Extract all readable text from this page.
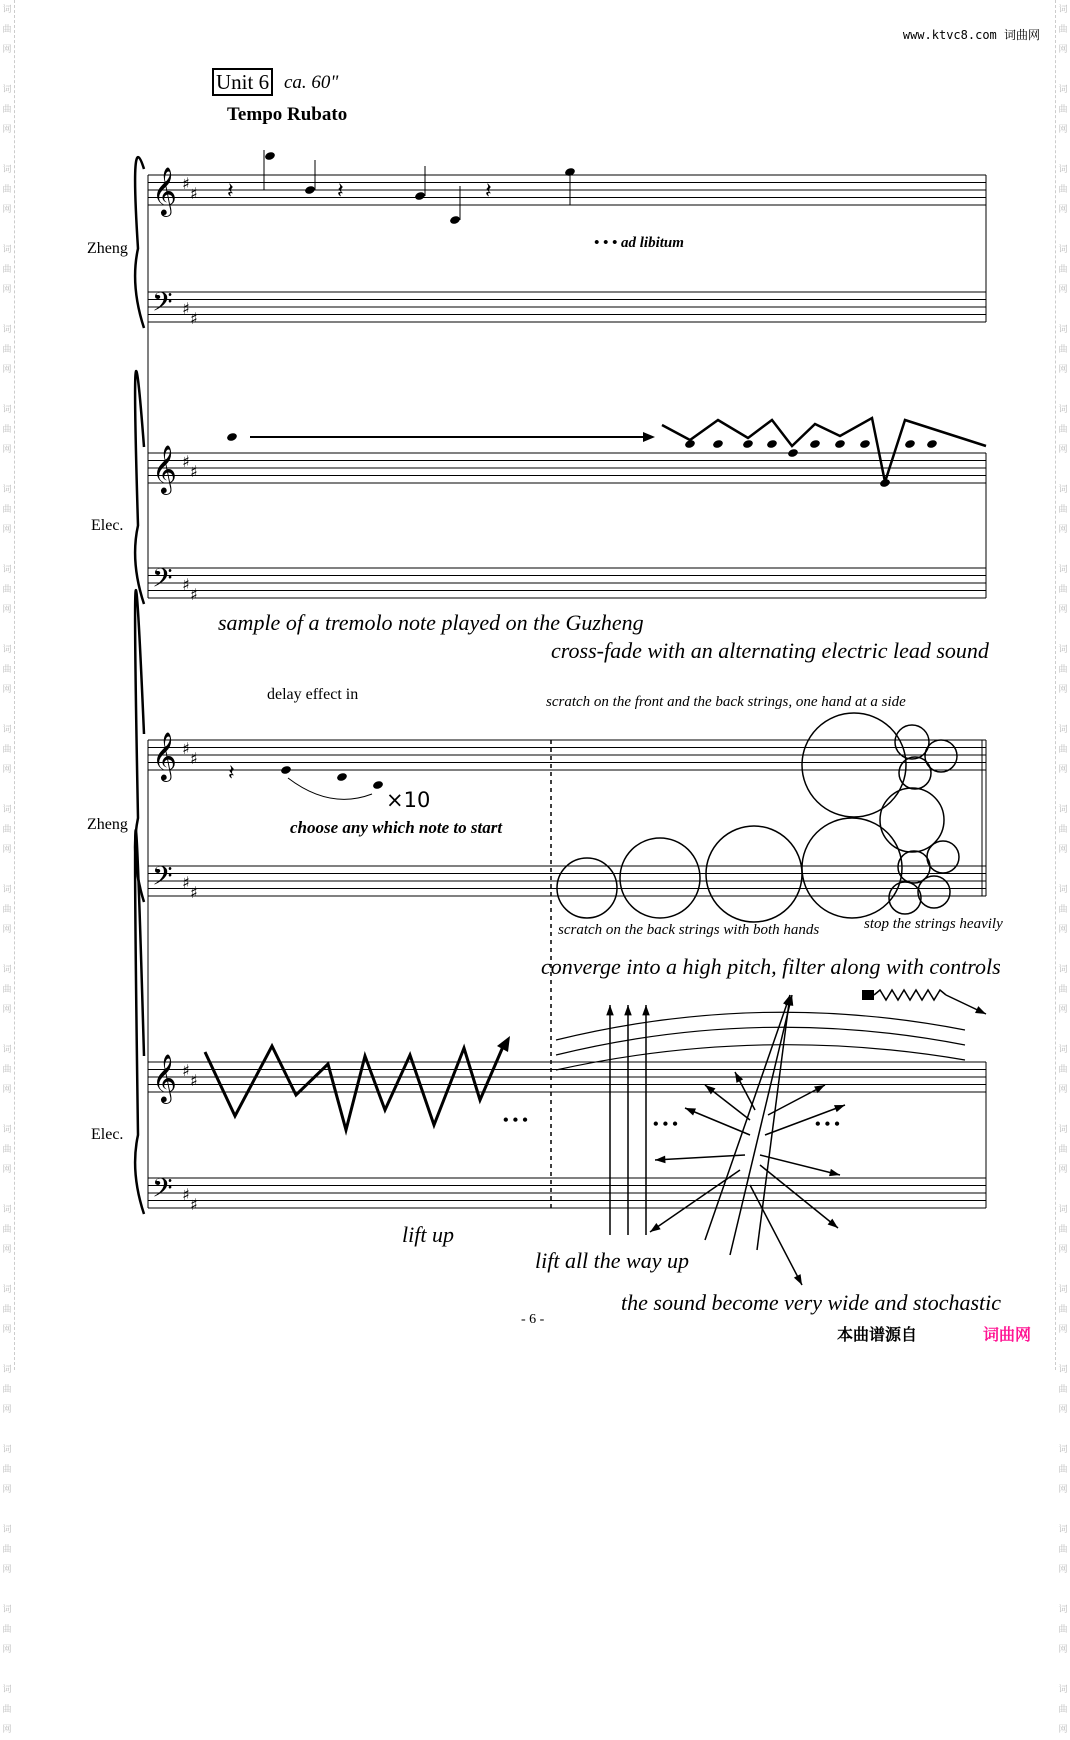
词
曲
网

词
曲
网

词
曲
网

词
曲
网

词
曲
网

词
曲
网

词
曲
网

词
曲
网

词
曲
网

词
曲
网

词
曲
网

词
曲
网

词
曲
网

词
曲
网

词
曲
网

词
曲
网

词
曲
网

词
曲
网

词
曲
网

词
曲
网

词
曲
网

词
曲
网

词
曲
网

词
曲
网

词
曲
网

词
曲
网

词
曲
网

词
曲
网

词
曲
网

词
曲
网

词
曲
网

词
曲
网

词
曲
网

词
曲
网

词
曲
网

词
曲
网

词
曲
网

词
曲
网

词
曲
网

词
曲
网

词
曲
网

词
曲
网

词
曲
网

词
曲
网

𝄞 ♯
♯
𝄢 ♯
♯
𝄞 ♯
♯
𝄢 ♯
♯
𝄽	𝄽	𝄽
𝄞 ♯
♯
𝄢 ♯
♯
𝄞 ♯
♯
𝄢 ♯
♯
𝄽
www.ktvc8.com 词曲网
Unit 6 ca. 60"
Tempo Rubato
Zheng
Elec.
Zheng
Elec.
• • • ad libitum
sample of a tremolo note played on the Guzheng
cross-fade with an alternating electric lead sound
delay effect in
×10
choose any which note to start
scratch on the front and the back strings, one hand at a side
scratch on the back strings with both hands	stop the strings heavily
converge into a high pitch, filter along with controls
lift up
lift all the way up
the sound become very wide and stochastic
• • •	• • •	• • •
- 6 -
本曲谱源自	词曲网
